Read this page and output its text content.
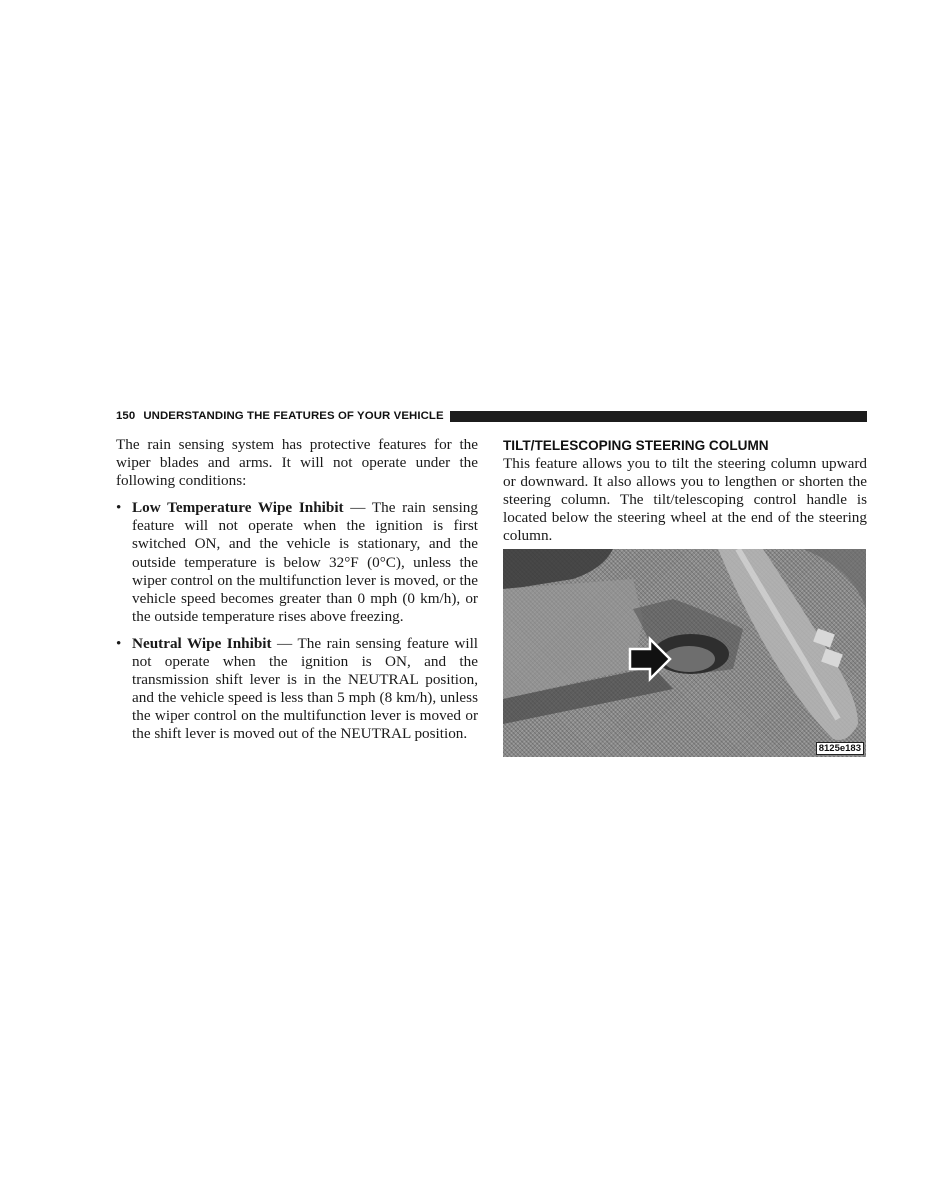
150 UNDERSTANDING THE FEATURES OF YOUR VEHICLE

The rain sensing system has protective features for the wiper blades and arms. It will not operate under the following conditions:

• Low Temperature Wipe Inhibit — The rain sensing feature will not operate when the ignition is first switched ON, and the vehicle is stationary, and the outside temperature is below 32°F (0°C), unless the wiper control on the multifunction lever is moved, or the vehicle speed becomes greater than 0 mph (0 km/h), or the outside temperature rises above freezing.
• Neutral Wipe Inhibit — The rain sensing feature will not operate when the ignition is ON, and the transmission shift lever is in the NEUTRAL position, and the vehicle speed is less than 5 mph (8 km/h), unless the wiper control on the multifunction lever is moved or the shift lever is moved out of the NEUTRAL position.
TILT/TELESCOPING STEERING COLUMN

This feature allows you to tilt the steering column upward or downward. It also allows you to lengthen or shorten the steering column. The tilt/telescoping control handle is located below the steering wheel at the end of the steering column.

8125e183
